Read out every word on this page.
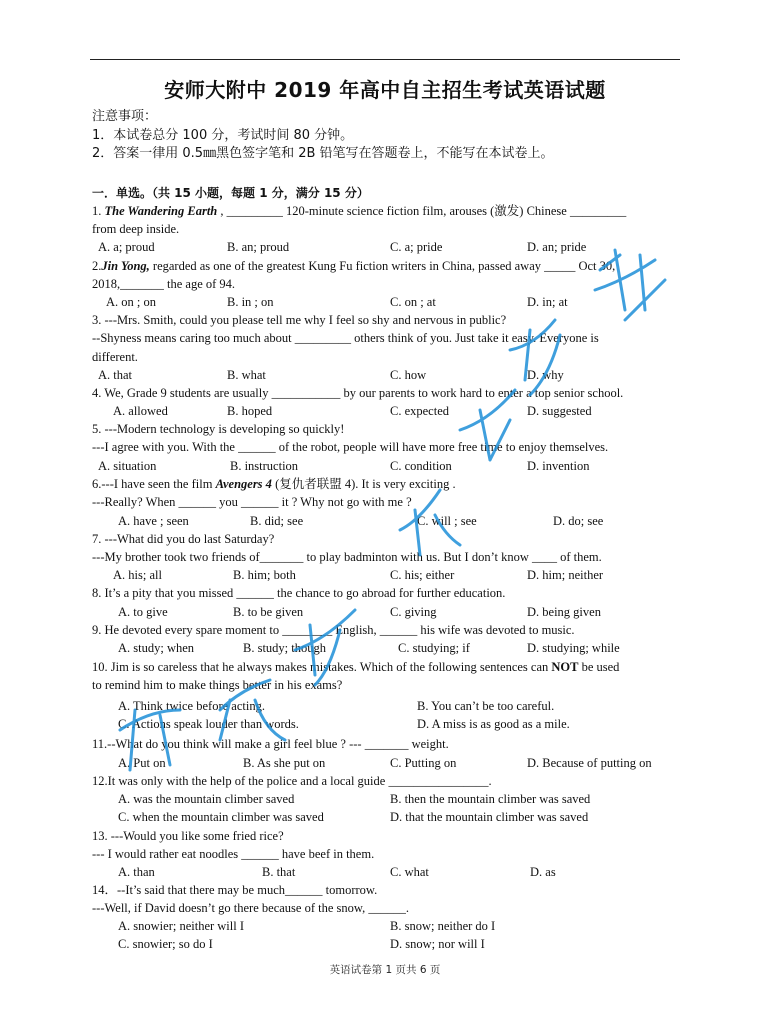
安师大附中 2019 年高中自主招生考试英语试题
注意事项：
1．本试卷总分 100 分，考试时间 80 分钟。
2．答案一律用 0.5㎜黑色签字笔和 2B 铅笔写在答题卷上，不能写在本试卷上。
一．单选。（共 15 小题，每题 1 分，满分 15 分）
1. The Wandering Earth , _________ 120-minute science fiction film, arouses (激发) Chinese _________
from deep inside.
A. a; proud	B. an; proud	C. a; pride	D. an; pride
2.Jin Yong, regarded as one of the greatest Kung Fu fiction writers in China, passed away _____ Oct 30,
2018,_______ the age of 94.
A. on ; on	B. in ; on	C. on ; at	D. in; at
3. ---Mrs. Smith, could you please tell me why I feel so shy and nervous in public?
--Shyness means caring too much about _________ others think of you. Just take it easy. Everyone is
different.
A. that	B. what	C. how	D. why
4. We, Grade 9 students are usually ___________ by our parents to work hard to enter a top senior school.
A. allowed	B. hoped	C. expected	D. suggested
5. ---Modern technology is developing so quickly!
---I agree with you. With the ______ of the robot, people will have more free time to enjoy themselves.
A. situation	B. instruction	C. condition	D. invention
6.---I have seen the film Avengers 4 (复仇者联盟 4). It is very exciting .
---Really? When ______ you ______ it ? Why not go with me ?
A. have ; seen	B. did; see	C. will ; see	D. do; see
7. ---What did you do last Saturday?
---My brother took two friends of_______ to play badminton with us. But I don’t know ____ of them.
A. his; all	B. him; both	C. his; either	D. him; neither
8. It’s a pity that you missed ______ the chance to go abroad for further education.
A. to give	B. to be given	C. giving	D. being given
9. He devoted every spare moment to ________ English, ______ his wife was devoted to music.
A. study; when	B. study; though	C. studying; if	D. studying; while
10. Jim is so careless that he always makes mistakes. Which of the following sentences can NOT be used
to remind him to make things better in his exams?
A. Think twice before acting.	B. You can’t be too careful.
C. Actions speak louder than words.	D. A miss is as good as a mile.
11.--What do you think will make a girl feel blue ? --- _______ weight.
A. Put on	B. As she put on	C. Putting on	D. Because of putting on
12.It was only with the help of the police and a local guide ________________.
A. was the mountain climber saved	B. then the mountain climber was saved
C. when the mountain climber was saved	D. that the mountain climber was saved
13. ---Would you like some fried rice?
--- I would rather eat noodles ______ have beef in them.
A. than	B. that	C. what	D. as
14．--It’s said that there may be much______ tomorrow.
---Well, if David doesn’t go there because of the snow, ______.
A. snowier; neither will I	B. snow; neither do I
C. snowier; so do I	D. snow; nor will I
英语试卷第 1 页共 6 页
